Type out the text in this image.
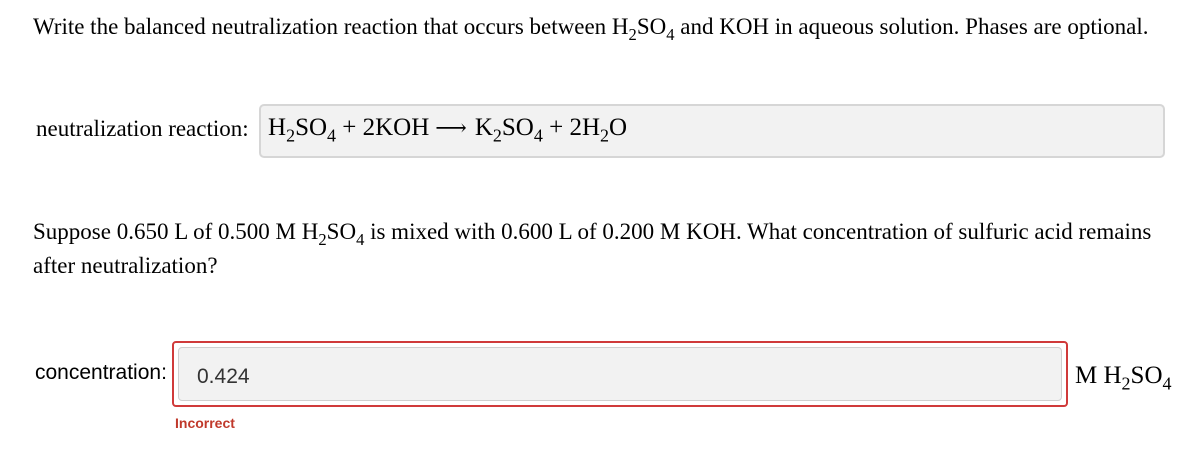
Write the balanced neutralization reaction that occurs between $H_2SO_4$ and KOH in aqueous solution. Phases are optional.
neutralization reaction: $H_2SO_4 + 2KOH$ ⟶ $K_2SO_4 + 2H_2O$
Suppose 0.650 L of 0.500 M $H_2SO_4$ is mixed with 0.600 L of 0.200 M KOH. What concentration of sulfuric acid remains after neutralization?
concentration:	0.424	M $H_2SO_4$
Incorrect
